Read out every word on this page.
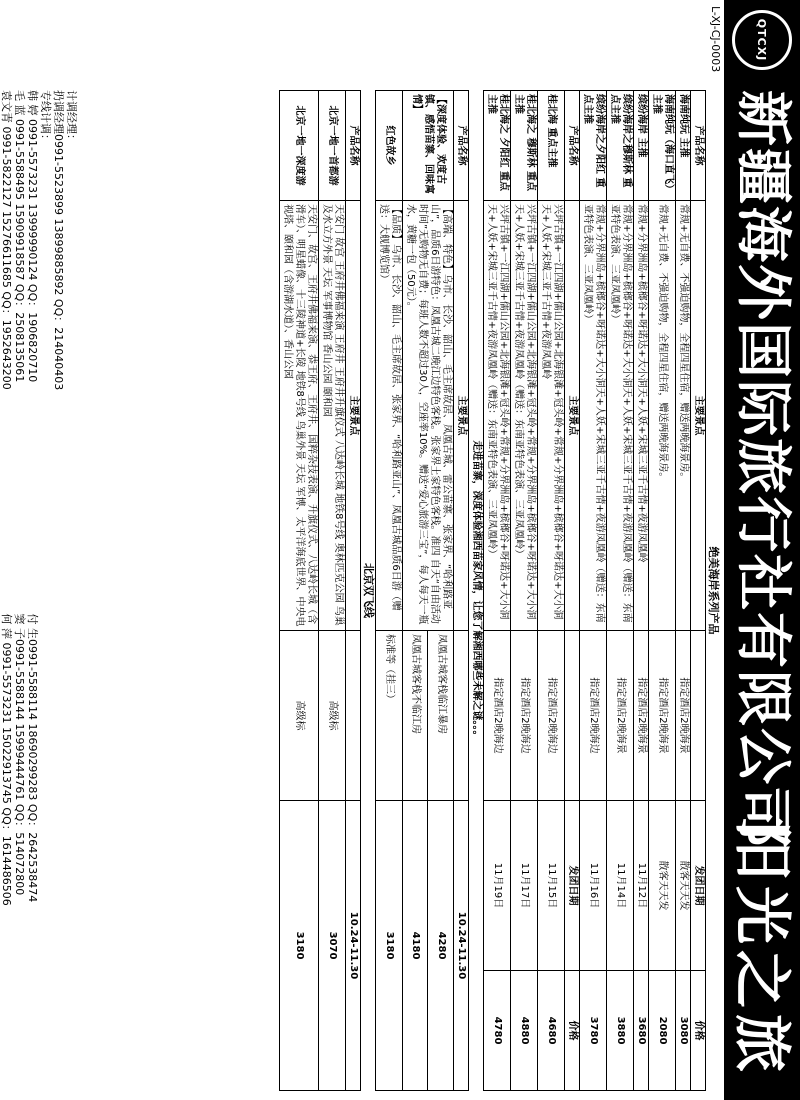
QTCXJ
新疆海外国际旅行社有限公司
阳光之旅
L-XJ-CJ-0003
绝美海岸系列产品				
产品名称	主要景点		发团日期	价格
海南纯玩 主推	常规+无自费、不强迫购物，全程四星住宿，赠送两晚海景房。	指定酒店2晚海景	散客天天发	3080
海南纯玩（海口直飞）主推	常规+无自费、不强迫购物，全程四星住宿，赠送两晚海景房。	指定酒店2晚海景	散客天天发	2080
缤纷海岸 主推	常规+分界洲岛+槟榔谷+呀诺达+大小洞天+人妖+宋城三亚千古情+夜游凤凰岭	指定酒店2晚海景	11月12日	3680
缤纷海岸之穆斯林 重点主推	常规+分界洲岛+槟榔谷+呀诺达+大小洞天+人妖+宋城三亚千古情+夜游凤凰岭（赠送：东南亚特色表演、三亚凤凰岭）	指定酒店2晚海景	11月14日	3880
缤纷海岸之夕阳红 重点主推	常规+分界洲岛+槟榔谷+呀诺达+大小洞天+人妖+宋城三亚千古情+夜游凤凰岭（赠送：东南亚特色表演、三亚凤凰岭）	指定酒店2晚海边	11月16日	3780
产品名称	主要景点		发团日期	价格
桂北海 重点主推	兴坪古镇+一江四湖+儒山公园+北海银滩+冠头岭+常规+分界洲岛+槟榔谷+呀诺达+大小洞天+人妖+宋城三亚千古情+夜游凤凰岭	指定酒店2晚海边	11月15日	4680
桂北海之 穆斯林 重点主推	兴坪古镇+一江四湖+儒山公园+北海银滩+冠头岭+常规+分界洲岛+槟榔谷+呀诺达+大小洞天+人妖+宋城三亚千古情+夜游凤凰岭（赠送：东南亚特色表演、三亚凤凰岭）	指定酒店2晚海边	11月17日	4880
桂北海之 夕阳红 重点主推	兴坪古镇+一江四湖+儒山公园+北海银滩+冠头岭+常规+分界洲岛+槟榔谷+呀诺达+大小洞天+人妖+宋城三亚千古情+夜游凤凰岭（赠送：东南亚特色表演、三亚凤凰岭）	指定酒店2晚海边	11月19日	4780
走进苗寨，深度体验湘西苗家风情，让您了解湘西哪些未解之谜。。。				
产品名称	主要景点		10.24-11.30	
【深度体验、欢度古镇、感悟苗寨、回味寓情】	【高端、特色】乌市、长沙、韶山、毛主席故居、凤凰古城、雷公苗寨、张家界、“哈利路亚山”，品质6日游特色：凤凰古城二晚江边特色客栈。张家界土家特色客栈。准四 自天“自由活动时间”无购物无自费；每班人数不超过30人，空座率10%。赠送“爱心旅游三宝”，每人每天一瓶水，黄糖一包（50元）。	凤凰古城客栈临江暴房	4280	
		凤凰古城客栈不临江房	4180	
红色故乡	【品质】乌市、长沙、韶山、毛主席故居、张家界、“哈利路亚山”、凤凰古城品质6日游（赠送：大舰博览馆）	标准等（挂三）	3180	
北京双飞线				
产品名称	主要景点		10.24-11.30	
北京一地一首都游	天安门 故宫 王府井佛福来演 王府井 王府井升旗仪式 八达岭长城 地铁8号线 奥林匹克公园 鸟巢及水立方外景 天坛 军事博物馆 香山公园 颐和园	高级标	3070	
北京一地一深度游	天安门、故宫、王府井佛福来演、恭王府、王府井、国粹杂技表演、升旗仪式、八达岭长城（含滑车）、明星蜡像、十三陵神道+长陵 地铁8号线 鸟巢外景 天坛 军博、太平洋海底世界、中央电视塔、颐和园（含游湖水道）、香山公园	高级标	3180	
计调经理：
扔调经理0991-5523899 13899885892 QQ：214040403
专线计调：
韩 婷 0991-5573231 13999990124 QQ：1906820710
毛 蓝 0991-5588495 15909918587 QQ：2508135061
袁文青 0991-5822127 15276611685 QQ：1952643200

付 生0991-5588114 18690299283 QQ：2642538474
窦 子0991-5588144 15999444761 QQ：514072800
何 萍 0991-5573231 15022913745 QQ：1614486506
